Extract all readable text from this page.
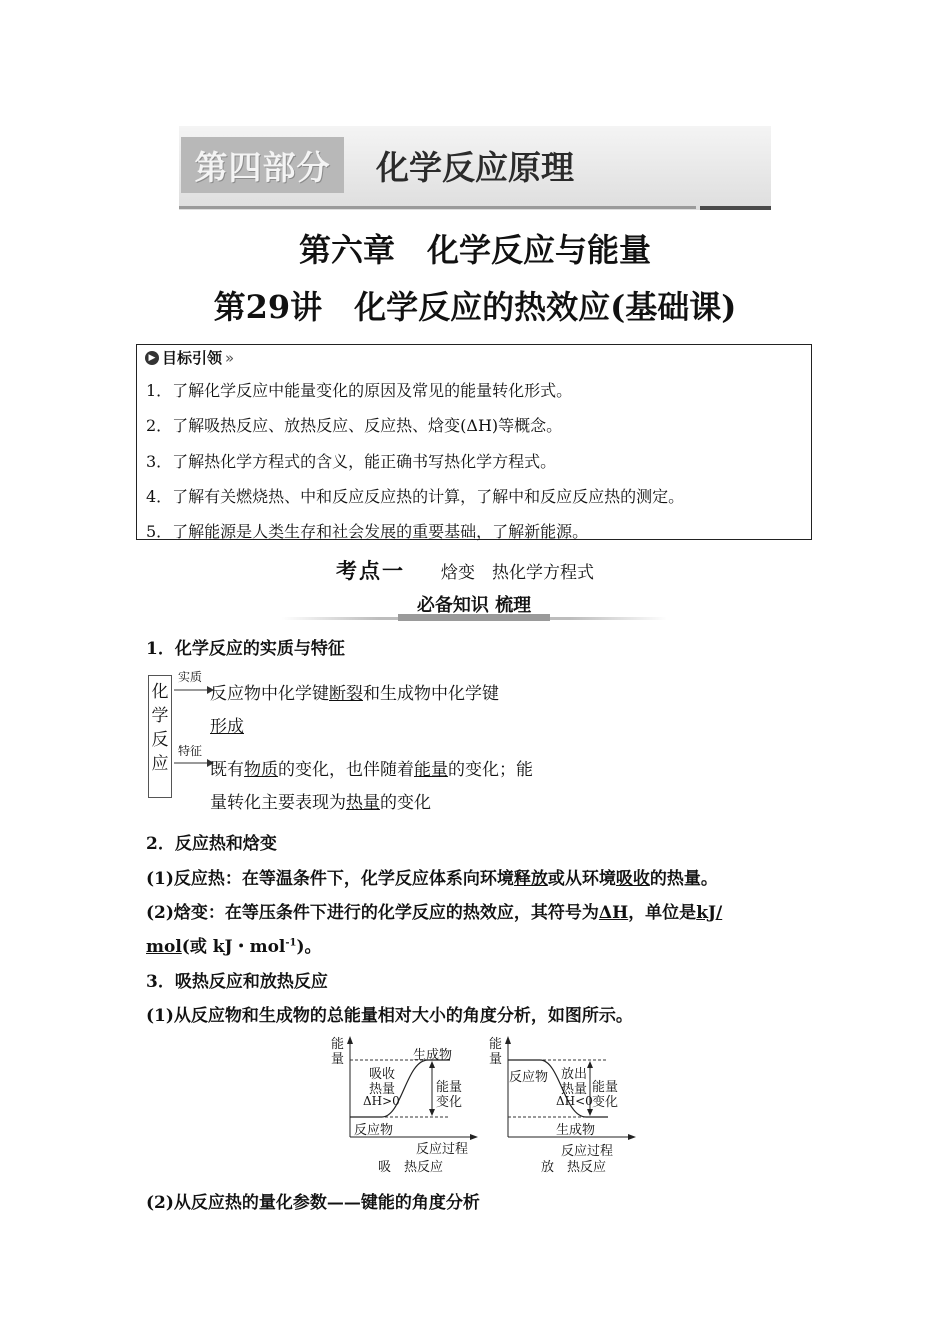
第四部分	化学反应原理
第六章　化学反应与能量
第29讲　化学反应的热效应(基础课)
▶ 目标引领 »
1．了解化学反应中能量变化的原因及常见的能量转化形式。
2．了解吸热反应、放热反应、反应热、焓变(ΔH)等概念。
3．了解热化学方程式的含义，能正确书写热化学方程式。
4．了解有关燃烧热、中和反应反应热的计算，了解中和反应反应热的测定。
5．了解能源是人类生存和社会发展的重要基础，了解新能源。
考点一 焓变　热化学方程式
必备知识 梳理
1．化学反应的实质与特征
化学反应
实质
特征
反应物中化学键断裂和生成物中化学键
形成
既有物质的变化，也伴随着能量的变化；能
量转化主要表现为热量的变化
2．反应热和焓变
(1)反应热：在等温条件下，化学反应体系向环境释放或从环境吸收的热量。
(2)焓变：在等压条件下进行的化学反应的热效应，其符号为ΔH，单位是kJ/
mol(或 kJ・mol$^{-1}$)。
3．吸热反应和放热反应
(1)从反应物和生成物的总能量相对大小的角度分析，如图所示。
能量	生成物
反应物
吸收
热量
ΔH>0
能量
变化
反应过程
吸　热反应
能量
反应物
生成物
放出
热量
ΔH<0
能量
变化
反应过程
放　热反应
(2)从反应热的量化参数——键能的角度分析
